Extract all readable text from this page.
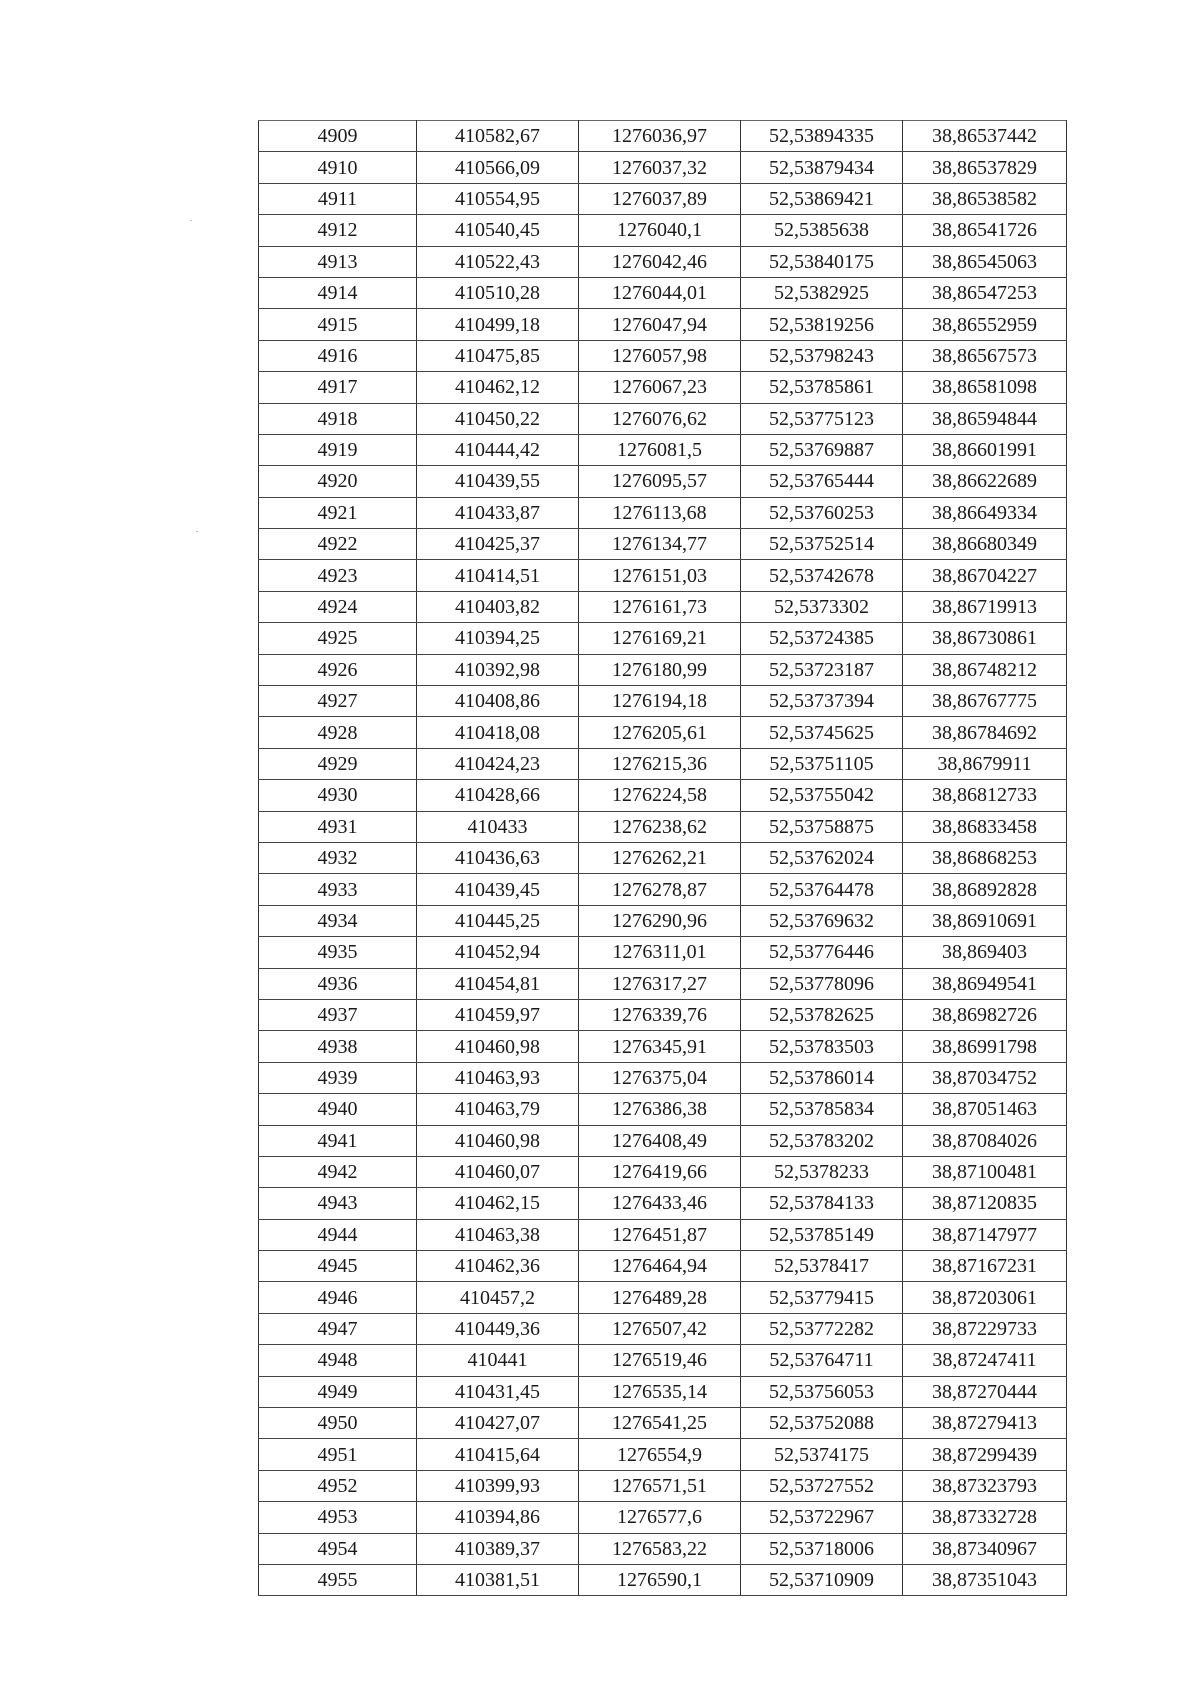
4909	410582,67	1276036,97	52,53894335	38,86537442
4910	410566,09	1276037,32	52,53879434	38,86537829
4911	410554,95	1276037,89	52,53869421	38,86538582
4912	410540,45	1276040,1	52,5385638	38,86541726
4913	410522,43	1276042,46	52,53840175	38,86545063
4914	410510,28	1276044,01	52,5382925	38,86547253
4915	410499,18	1276047,94	52,53819256	38,86552959
4916	410475,85	1276057,98	52,53798243	38,86567573
4917	410462,12	1276067,23	52,53785861	38,86581098
4918	410450,22	1276076,62	52,53775123	38,86594844
4919	410444,42	1276081,5	52,53769887	38,86601991
4920	410439,55	1276095,57	52,53765444	38,86622689
4921	410433,87	1276113,68	52,53760253	38,86649334
4922	410425,37	1276134,77	52,53752514	38,86680349
4923	410414,51	1276151,03	52,53742678	38,86704227
4924	410403,82	1276161,73	52,5373302	38,86719913
4925	410394,25	1276169,21	52,53724385	38,86730861
4926	410392,98	1276180,99	52,53723187	38,86748212
4927	410408,86	1276194,18	52,53737394	38,86767775
4928	410418,08	1276205,61	52,53745625	38,86784692
4929	410424,23	1276215,36	52,53751105	38,8679911
4930	410428,66	1276224,58	52,53755042	38,86812733
4931	410433	1276238,62	52,53758875	38,86833458
4932	410436,63	1276262,21	52,53762024	38,86868253
4933	410439,45	1276278,87	52,53764478	38,86892828
4934	410445,25	1276290,96	52,53769632	38,86910691
4935	410452,94	1276311,01	52,53776446	38,869403
4936	410454,81	1276317,27	52,53778096	38,86949541
4937	410459,97	1276339,76	52,53782625	38,86982726
4938	410460,98	1276345,91	52,53783503	38,86991798
4939	410463,93	1276375,04	52,53786014	38,87034752
4940	410463,79	1276386,38	52,53785834	38,87051463
4941	410460,98	1276408,49	52,53783202	38,87084026
4942	410460,07	1276419,66	52,5378233	38,87100481
4943	410462,15	1276433,46	52,53784133	38,87120835
4944	410463,38	1276451,87	52,53785149	38,87147977
4945	410462,36	1276464,94	52,5378417	38,87167231
4946	410457,2	1276489,28	52,53779415	38,87203061
4947	410449,36	1276507,42	52,53772282	38,87229733
4948	410441	1276519,46	52,53764711	38,87247411
4949	410431,45	1276535,14	52,53756053	38,87270444
4950	410427,07	1276541,25	52,53752088	38,87279413
4951	410415,64	1276554,9	52,5374175	38,87299439
4952	410399,93	1276571,51	52,53727552	38,87323793
4953	410394,86	1276577,6	52,53722967	38,87332728
4954	410389,37	1276583,22	52,53718006	38,87340967
4955	410381,51	1276590,1	52,53710909	38,87351043
